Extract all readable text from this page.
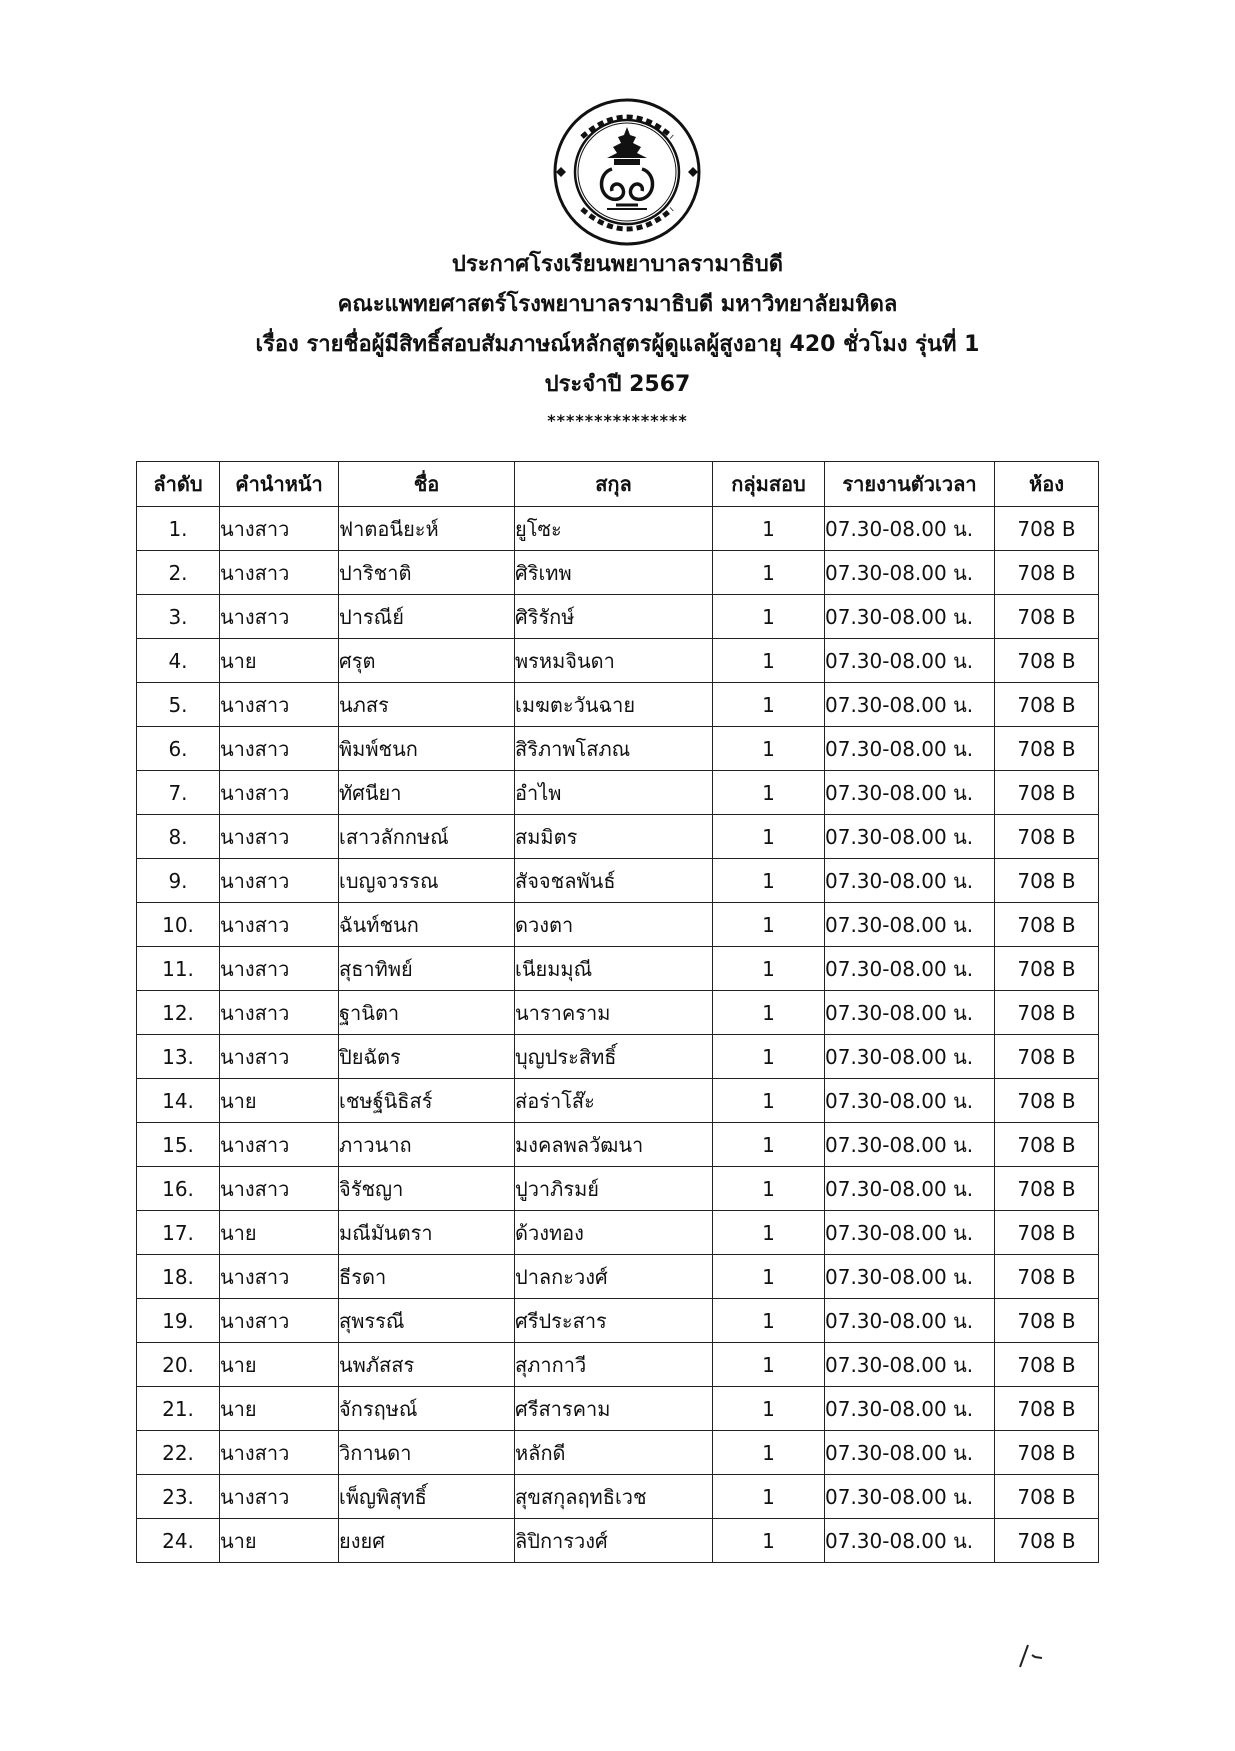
ประกาศโรงเรียนพยาบาลรามาธิบดี
คณะแพทยศาสตร์โรงพยาบาลรามาธิบดี มหาวิทยาลัยมหิดล
เรื่อง รายชื่อผู้มีสิทธิ์สอบสัมภาษณ์หลักสูตรผู้ดูแลผู้สูงอายุ 420 ชั่วโมง รุ่นที่ 1
ประจำปี 2567
***************
ลำดับ	คำนำหน้า	ชื่อ	สกุล	กลุ่มสอบ	รายงานตัวเวลา	ห้อง
1.	นางสาว	ฟาตอนียะห์	ยูโซะ	1	07.30-08.00 น.	708 B
2.	นางสาว	ปาริชาติ	ศิริเทพ	1	07.30-08.00 น.	708 B
3.	นางสาว	ปารณีย์	ศิริรักษ์	1	07.30-08.00 น.	708 B
4.	นาย	ศรุต	พรหมจินดา	1	07.30-08.00 น.	708 B
5.	นางสาว	นภสร	เมฆตะวันฉาย	1	07.30-08.00 น.	708 B
6.	นางสาว	พิมพ์ชนก	สิริภาพโสภณ	1	07.30-08.00 น.	708 B
7.	นางสาว	ทัศนียา	อำไพ	1	07.30-08.00 น.	708 B
8.	นางสาว	เสาวลักกษณ์	สมมิตร	1	07.30-08.00 น.	708 B
9.	นางสาว	เบญจวรรณ	สัจจชลพันธ์	1	07.30-08.00 น.	708 B
10.	นางสาว	ฉันท์ชนก	ดวงตา	1	07.30-08.00 น.	708 B
11.	นางสาว	สุธาทิพย์	เนียมมุณี	1	07.30-08.00 น.	708 B
12.	นางสาว	ฐานิตา	นาราคราม	1	07.30-08.00 น.	708 B
13.	นางสาว	ปิยฉัตร	บุญประสิทธิ์	1	07.30-08.00 น.	708 B
14.	นาย	เชษฐ์นิธิสร์	ส่อร่าโส๊ะ	1	07.30-08.00 น.	708 B
15.	นางสาว	ภาวนาถ	มงคลพลวัฒนา	1	07.30-08.00 น.	708 B
16.	นางสาว	จิรัชญา	ปูวาภิรมย์	1	07.30-08.00 น.	708 B
17.	นาย	มณีมันตรา	ด้วงทอง	1	07.30-08.00 น.	708 B
18.	นางสาว	ธีรดา	ปาลกะวงศ์	1	07.30-08.00 น.	708 B
19.	นางสาว	สุพรรณี	ศรีประสาร	1	07.30-08.00 น.	708 B
20.	นาย	นพภัสสร	สุภากาวี	1	07.30-08.00 น.	708 B
21.	นาย	จักรฤษณ์	ศรีสารคาม	1	07.30-08.00 น.	708 B
22.	นางสาว	วิกานดา	หลักดี	1	07.30-08.00 น.	708 B
23.	นางสาว	เพ็ญพิสุทธิ์	สุขสกุลฤทธิเวช	1	07.30-08.00 น.	708 B
24.	นาย	ยงยศ	ลิปิการวงศ์	1	07.30-08.00 น.	708 B
